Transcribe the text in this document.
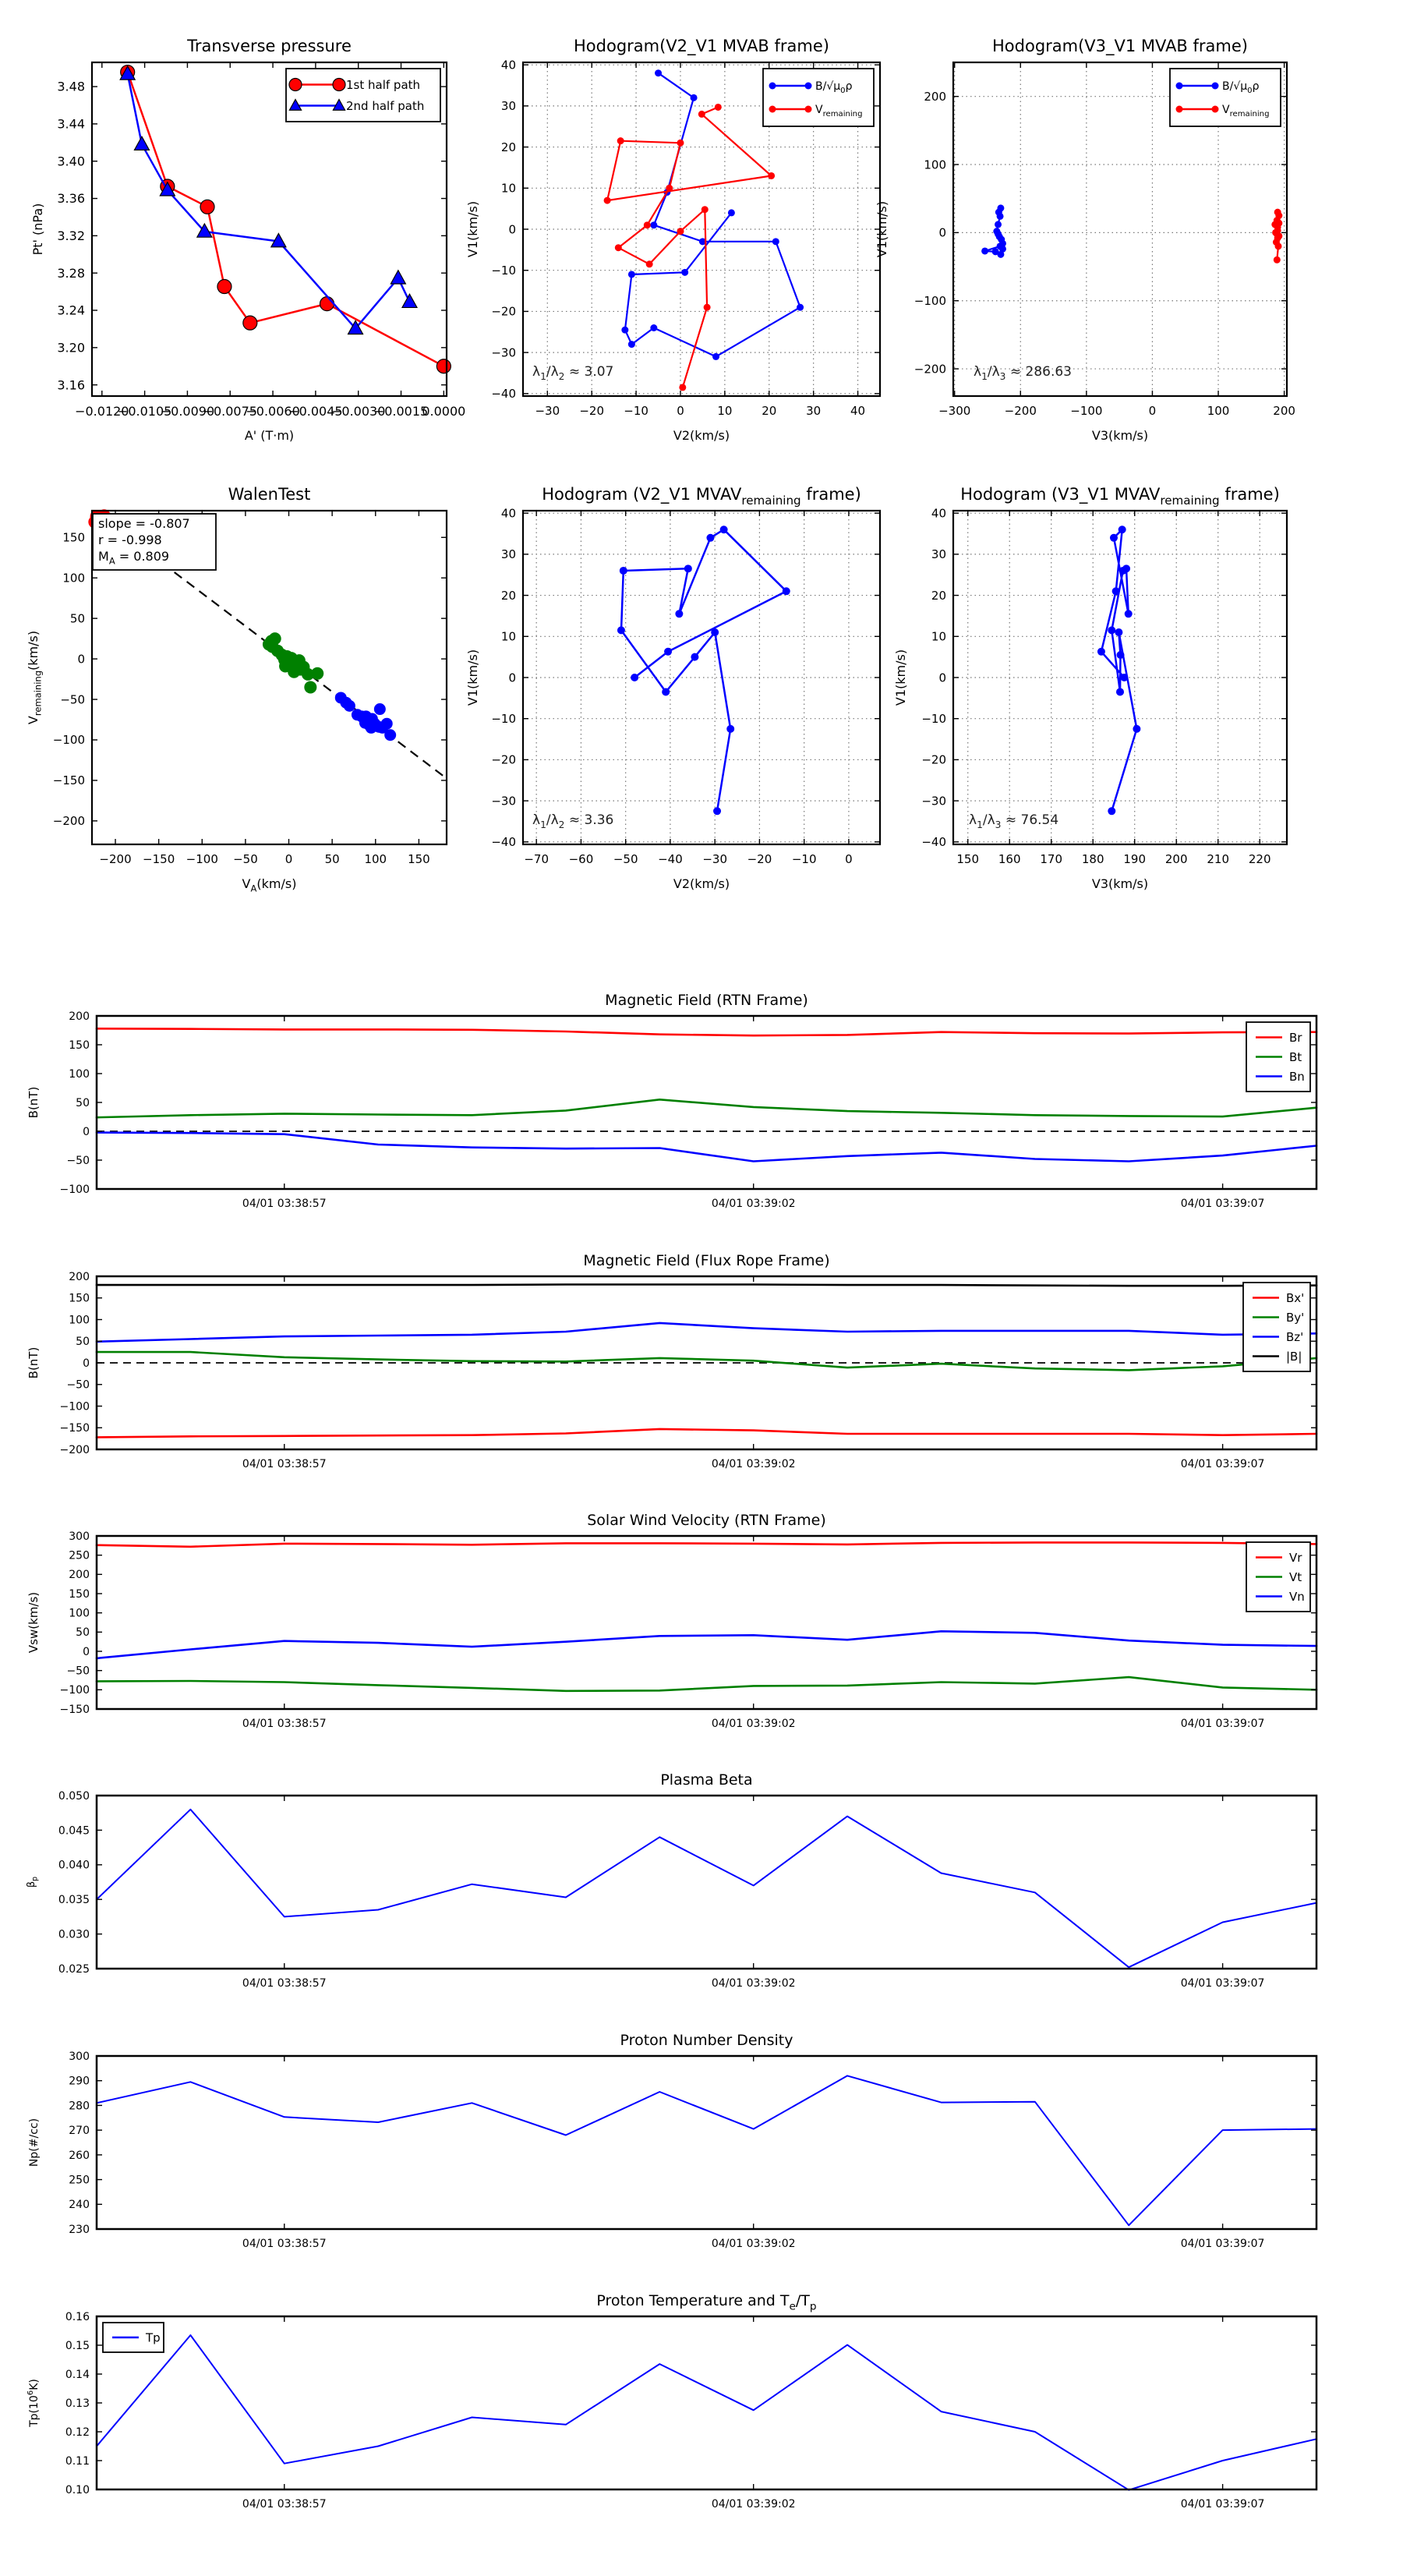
−0.0120
−0.0105
−0.0090
−0.0075
−0.0060
−0.0045
−0.0030
−0.0015
0.0000
3.16
3.20
3.24
3.28
3.32
3.36
3.40
3.44
3.48
Transverse pressure
A' (T·m)
Pt' (nPa)
1st half path
2nd half path
−30 −20 −10 0	10	20	30	40
−40
−30
−20
−10
0
10
20
30
40
Hodogram(V2_V1 MVAB frame)
V2(km/s)
V1(km/s)
$B/√\mu_0\rho$
$V_{remaining}$
$\lambda_1/\lambda_2 \approx 3.07$
−300	−200	−100	0	100	200
−200
−100
0
100
200
Hodogram(V3_V1 MVAB frame)
V3(km/s)
V1(km/s)
$B/√\mu_0\rho$
$V_{remaining}$
$\lambda_1/\lambda_3 \approx 286.63$
−200 −150 −100 −50 0	50 100 150
−200
−150
−100
−50
0
50
100
150
WalenTest
$V_A(km/s)$
$V_{remaining}(km/s)$
slope = -0.807
r = -0.998
$M_A = 0.809$
−70 −60 −50 −40 −30 −20 −10 0
−40
−30
−20
−10
0
10
20
30
40
Hodogram (V2_V1 $MVAV_{remaining}$ frame)
V2(km/s)
V1(km/s)
$\lambda_1/\lambda_2 \approx 3.36$
150 160 170 180 190 200 210 220
−40
−30
−20
−10
0
10
20
30
40
Hodogram (V3_V1 $MVAV_{remaining}$ frame)
V3(km/s)
V1(km/s)
$\lambda_1/\lambda_3 \approx 76.54$
04/01 03:38:57	04/01 03:39:02	04/01 03:39:07
−100
−50
0
50
100
150
200
Magnetic Field (RTN Frame)
B(nT)
Br
Bt
Bn
04/01 03:38:57	04/01 03:39:02	04/01 03:39:07
−200
−150
−100
−50
0
50
100
150
200
Magnetic Field (Flux Rope Frame)
B(nT)
Bx'
By'
Bz'
|B|
04/01 03:38:57	04/01 03:39:02	04/01 03:39:07
−150
−100
−50
0
50
100
150
200
250
300
Solar Wind Velocity (RTN Frame)
Vsw(km/s)
Vr
Vt
Vn
04/01 03:38:57	04/01 03:39:02	04/01 03:39:07
0.025
0.030
0.035
0.040
0.045
0.050
Plasma Beta
$\beta_p$
04/01 03:38:57	04/01 03:39:02	04/01 03:39:07
230
240
250
260
270
280
290
300
Proton Number Density
Np(#/cc)
04/01 03:38:57	04/01 03:39:02	04/01 03:39:07
0.10
0.11
0.12
0.13
0.14
0.15
0.16
Proton Temperature and $T_e/T_p$
$Tp(10^6K)$
Tp
